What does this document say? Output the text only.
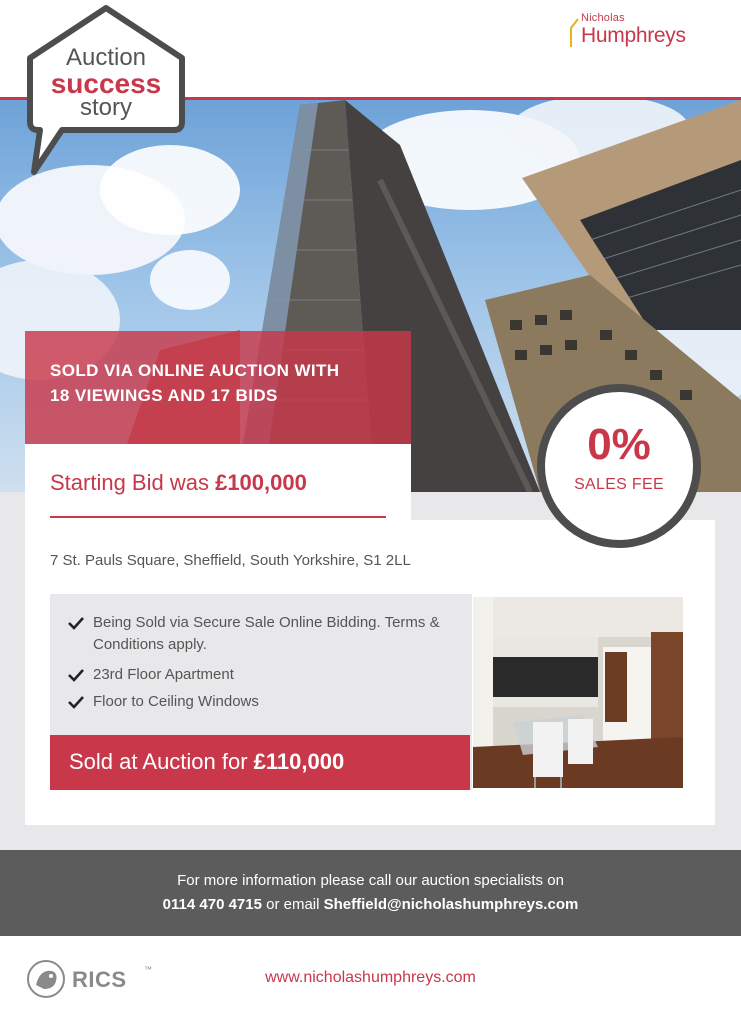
Nicholas
Humphreys
Auction
success
story
SOLD VIA ONLINE AUCTION WITH
18 VIEWINGS AND 17 BIDS
Starting Bid was £100,000
0%
SALES FEE
7 St. Pauls Square, Sheffield, South Yorkshire, S1 2LL
Being Sold via Secure Sale Online Bidding. Terms & Conditions apply.
23rd Floor Apartment
Floor to Ceiling Windows
Sold at Auction for £110,000
For more information please call our auction specialists on
0114 470 4715 or email Sheffield@nicholashumphreys.com
RICS ™	www.nicholashumphreys.com
